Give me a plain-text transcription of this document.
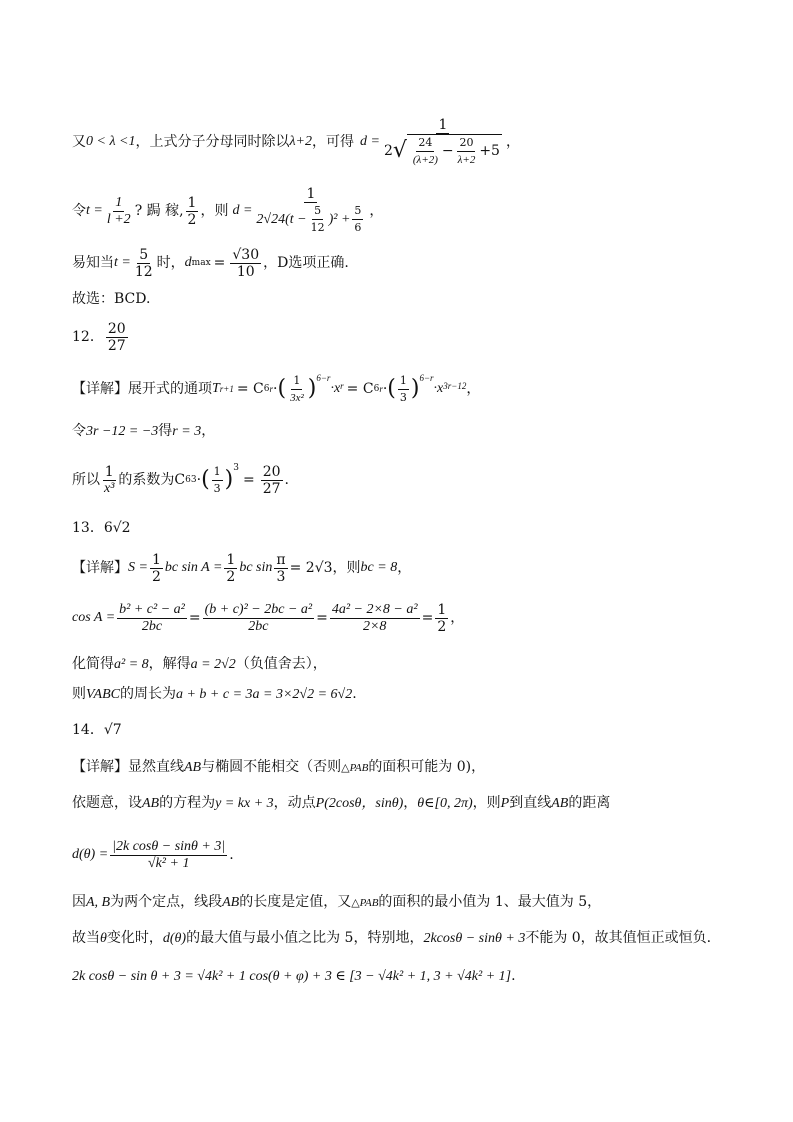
又 0 < λ <1 ，上式分子分母同时除以 λ+2 ，可得 d =
1
2 √ $\frac{24}{(\lambda+2)} - \frac{20}{\lambda+2} +5$
，
令 $t = \frac{1}{l +2}$ ? 跼 稼 , $\frac{1}{2}$ ，则 $d = \frac{1}{2√24(t - \frac{5}{12} )^2 + \frac{5}{6}}$ ，
易知当 $t = \frac{5}{12}$ 时， d $\max = \frac{√30}{10}$ ，D选项正确.
故选：BCD.
12． $\frac{20}{27}$
【详解】展开式的通项 T r+1 = C 6 r · ( $\frac{1}{\text{3x²}} )^{6-r}$
$\cdot x^r = C$ 6 r · ( $\frac{1}{3} )^{6-r}$
$\cdot x^{3r-12}$ ，
令3r −12 = −3得r = 3，
所以 $\frac{1}{\text{x³}}$ 的系数为 C 6 3 · ( $\frac{1}{3} )^3$
= $\frac{20}{27}$ .
13．6√2
【详解】 $S = \frac{1}{2}$ bc $\sin A = \frac{1}{2}$ bc $\sin \frac{\pi}{3} = 2√3$ ，则 bc = 8 ，
$\cos A = \frac{\text{b² + c² − a²}}{2bc} = \frac{\text{(b + c)² − 2bc − a²}}{2bc} = \frac{\text{4a² − 2×8 − a²}}{2\times 8} = \frac{1}{2}$ ，
化简得a² = 8，解得a = 2√2（负值舍去），
则VABC的周长为a + b + c = 3a = 3×2√2 = 6√2.
14．√7
【详解】显然直线AB与椭圆不能相交（否则△PAB的面积可能为 0)，
依题意，设AB的方程为y = kx + 3，动点P(2cosθ，sinθ)，θ∈[0, 2π)，则P到直线AB的距离
$d(\theta) = \frac{\text{|2k cosθ − sinθ + 3|}}{\text{√k² + 1}}$ .
因A, B为两个定点，线段AB的长度是定值，又△PAB的面积的最小值为 1、最大值为 5，
故当θ变化时，d(θ)的最大值与最小值之比为 5，特别地，2kcosθ − sinθ + 3不能为 0，故其值恒正或恒负.
2k cosθ − sin θ + 3 = √4k² + 1 cos(θ + φ) + 3 ∈ [3 − √4k² + 1, 3 + √4k² + 1].
